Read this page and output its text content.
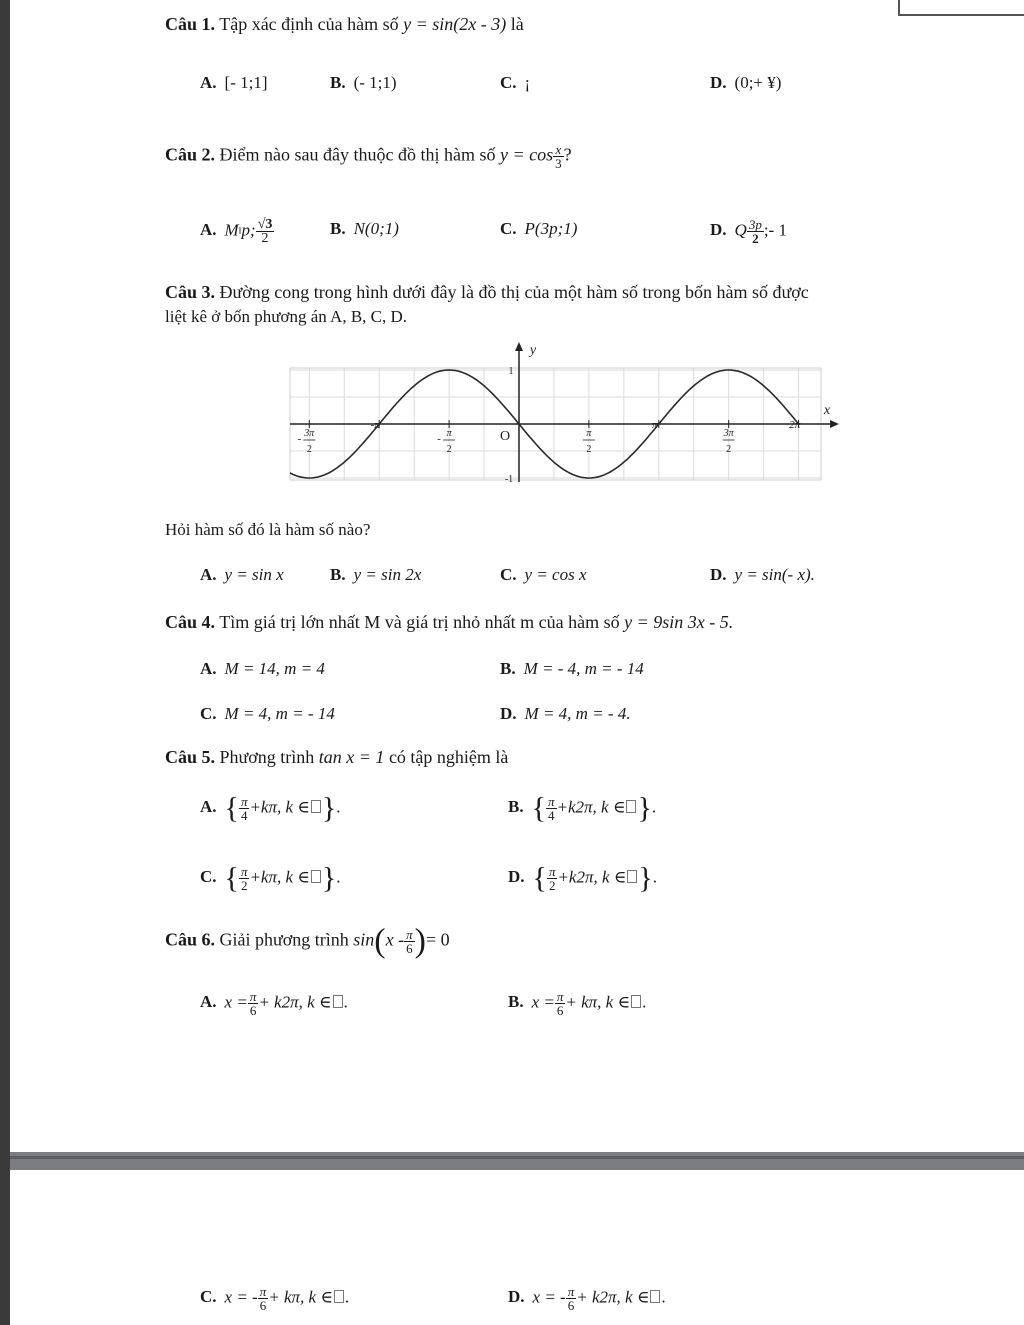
Câu 1. Tập xác định của hàm số y = sin(2x - 3) là
A. [- 1;1]	B. (- 1;1)	C. ¡	D. (0;+ ¥)
Câu 2. Điểm nào sau đây thuộc đồ thị hàm số $y = \cos \frac{x}{3}$ ?
A. Mǁp; $\frac{√3}{2}$	B. N(0;1)	C. P(3p;1)	D. Q $\frac{3p}{2}$ ;- 1
Câu 3. Đường cong trong hình dưới đây là đồ thị của một hàm số trong bốn hàm số được
liệt kê ở bốn phương án A, B, C, D.
y
x
O
1
-1
- 3π
2
-π
- π
2
π
2
π
3π
2
2π
Hỏi hàm số đó là hàm số nào?
A. y = sin x	B. y = sin 2x	C. y = cos x	D. y = sin(- x).
Câu 4. Tìm giá trị lớn nhất M và giá trị nhỏ nhất m của hàm số y = 9sin 3x - 5.
A. M = 14, m = 4	B. M = - 4, m = - 14
C. M = 4, m = - 14	D. M = 4, m = - 4.
Câu 5. Phương trình tan x = 1 có tập nghiệm là
A. { $\frac{\pi}{4} +k\pi$, k ∈ }.	B. { $\frac{\pi}{4} +k2\pi$, k ∈ }.
C. { $\frac{\pi}{2} +k\pi$, k ∈ }.	D. { $\frac{\pi}{2} +k2\pi$, k ∈ }.
Câu 6. Giải phương trình $\sin(x - \frac{\pi}{6}$ )= 0
A. $x = \frac{\pi}{6} + k2\pi$, k ∈ .	B. $x = \frac{\pi}{6} + k\pi$, k ∈ .
C. x = - $\frac{\pi}{6} + k\pi$, k ∈ .	D. x = - $\frac{\pi}{6} + k2\pi$, k ∈ .
